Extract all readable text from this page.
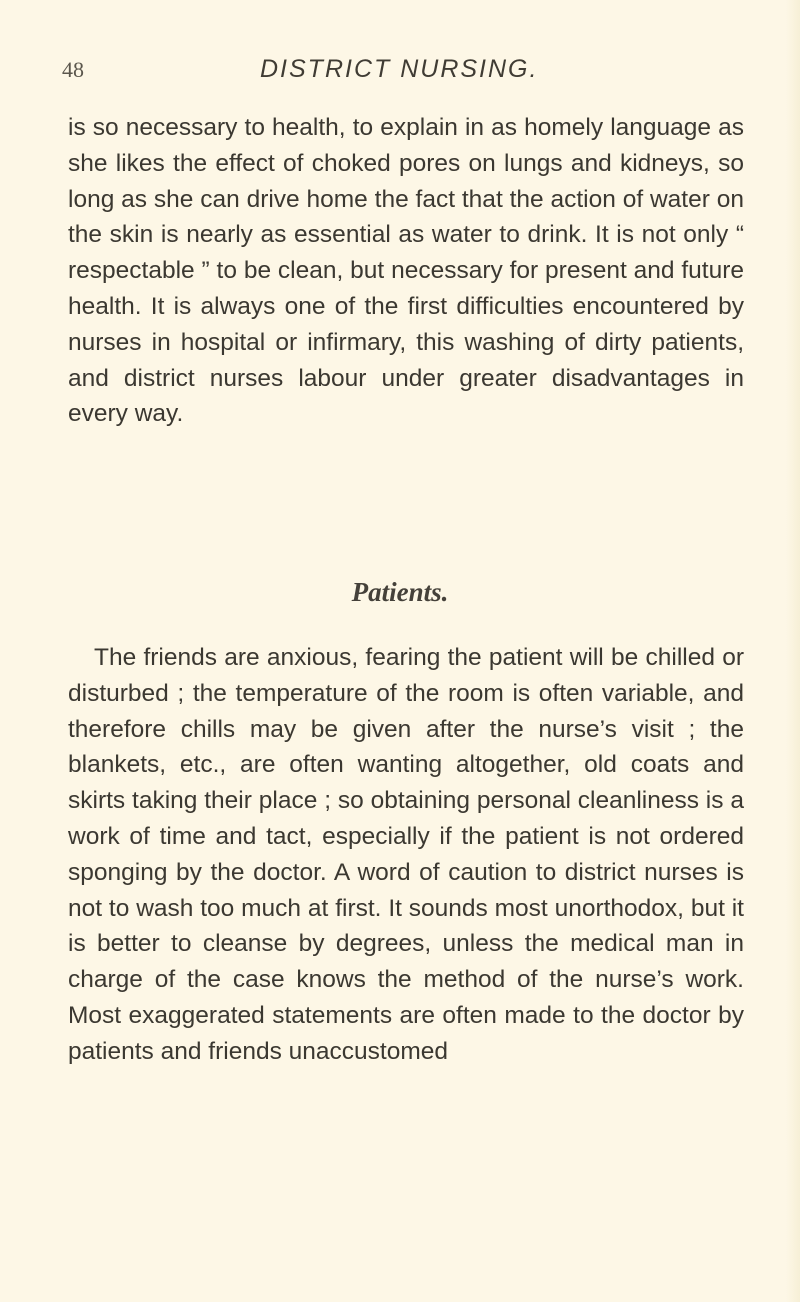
48	DISTRICT NURSING.

is so necessary to health, to explain in as homely language as she likes the effect of choked pores on lungs and kidneys, so long as she can drive home the fact that the action of water on the skin is nearly as essential as water to drink. It is not only “ respectable ” to be clean, but necessary for present and future health. It is always one of the first difficulties encountered by nurses in hospital or infirmary, this washing of dirty patients, and district nurses labour under greater disadvantages in every way.

Patients.

The friends are anxious, fearing the patient will be chilled or disturbed ; the temperature of the room is often variable, and therefore chills may be given after the nurse’s visit ; the blankets, etc., are often wanting altogether, old coats and skirts taking their place ; so obtaining personal cleanliness is a work of time and tact, especially if the patient is not ordered sponging by the doctor. A word of caution to district nurses is not to wash too much at first. It sounds most unorthodox, but it is better to cleanse by degrees, unless the medical man in charge of the case knows the method of the nurse’s work. Most exaggerated statements are often made to the doctor by patients and friends unaccustomed
